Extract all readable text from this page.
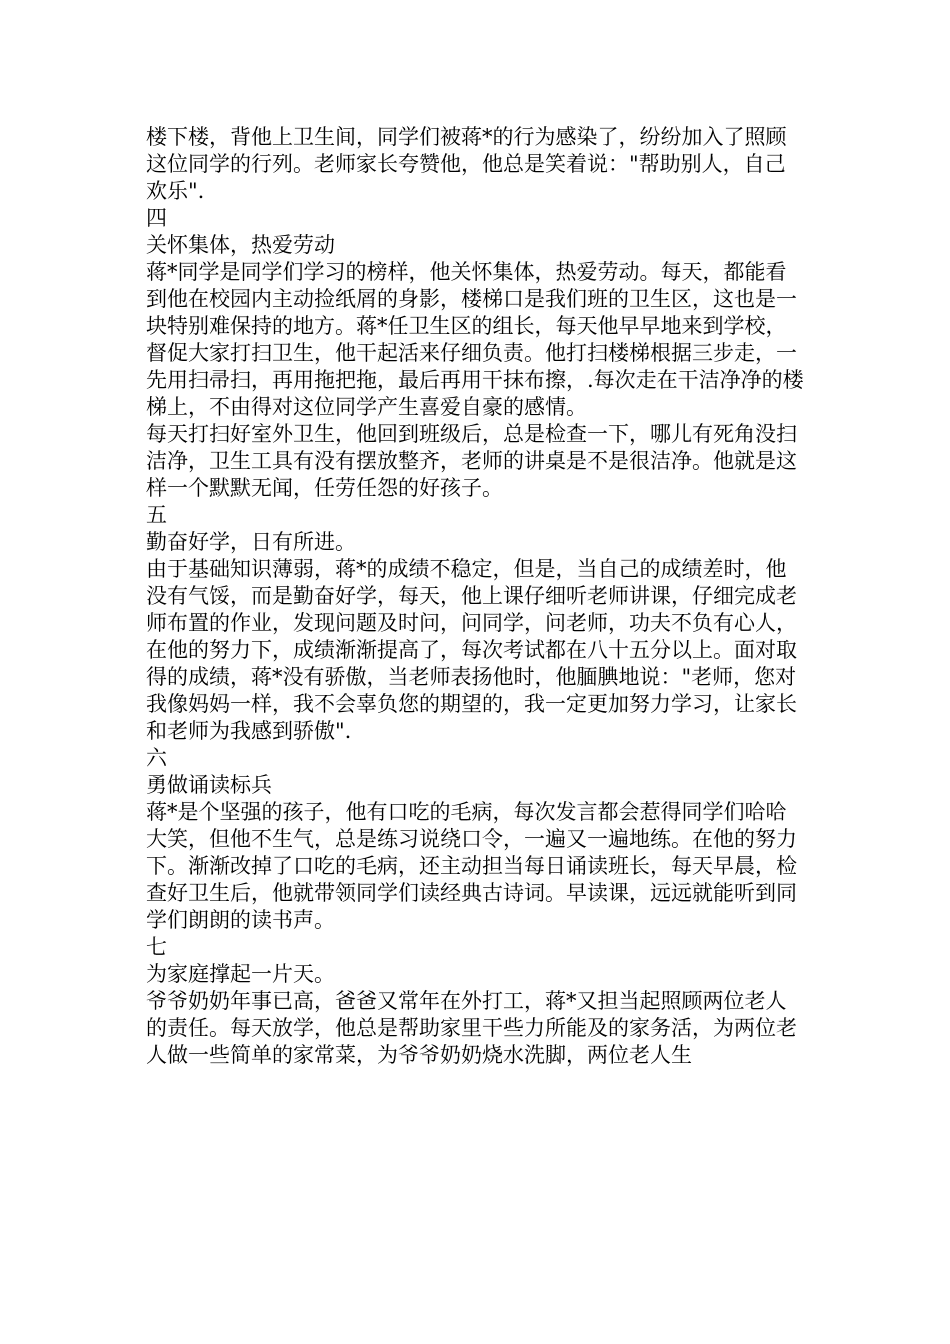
楼下楼，背他上卫生间，同学们被蒋*的行为感染了，纷纷加入了照顾这位同学的行列。老师家长夸赞他，他总是笑着说："帮助别人，自己欢乐".

四

关怀集体，热爱劳动

蒋*同学是同学们学习的榜样，他关怀集体，热爱劳动。每天，都能看到他在校园内主动捡纸屑的身影，楼梯口是我们班的卫生区，这也是一块特别难保持的地方。蒋*任卫生区的组长，每天他早早地来到学校，督促大家打扫卫生，他干起活来仔细负责。他打扫楼梯根据三步走，一先用扫帚扫，再用拖把拖，最后再用干抹布擦，.每次走在干洁净净的楼梯上，不由得对这位同学产生喜爱自豪的感情。

每天打扫好室外卫生，他回到班级后，总是检查一下，哪儿有死角没扫洁净，卫生工具有没有摆放整齐，老师的讲桌是不是很洁净。他就是这样一个默默无闻，任劳任怨的好孩子。

五

勤奋好学，日有所进。

由于基础知识薄弱，蒋*的成绩不稳定，但是，当自己的成绩差时，他没有气馁，而是勤奋好学，每天，他上课仔细听老师讲课，仔细完成老师布置的作业，发现问题及时问，问同学，问老师，功夫不负有心人，在他的努力下，成绩渐渐提高了，每次考试都在八十五分以上。面对取得的成绩，蒋*没有骄傲，当老师表扬他时，他腼腆地说："老师，您对我像妈妈一样，我不会辜负您的期望的，我一定更加努力学习，让家长和老师为我感到骄傲".

六

勇做诵读标兵

蒋*是个坚强的孩子，他有口吃的毛病，每次发言都会惹得同学们哈哈大笑，但他不生气，总是练习说绕口令，一遍又一遍地练。在他的努力下。渐渐改掉了口吃的毛病，还主动担当每日诵读班长，每天早晨，检查好卫生后，他就带领同学们读经典古诗词。早读课，远远就能听到同学们朗朗的读书声。

七

为家庭撑起一片天。

爷爷奶奶年事已高，爸爸又常年在外打工，蒋*又担当起照顾两位老人的责任。每天放学，他总是帮助家里干些力所能及的家务活，为两位老人做一些简单的家常菜，为爷爷奶奶烧水洗脚，两位老人生
